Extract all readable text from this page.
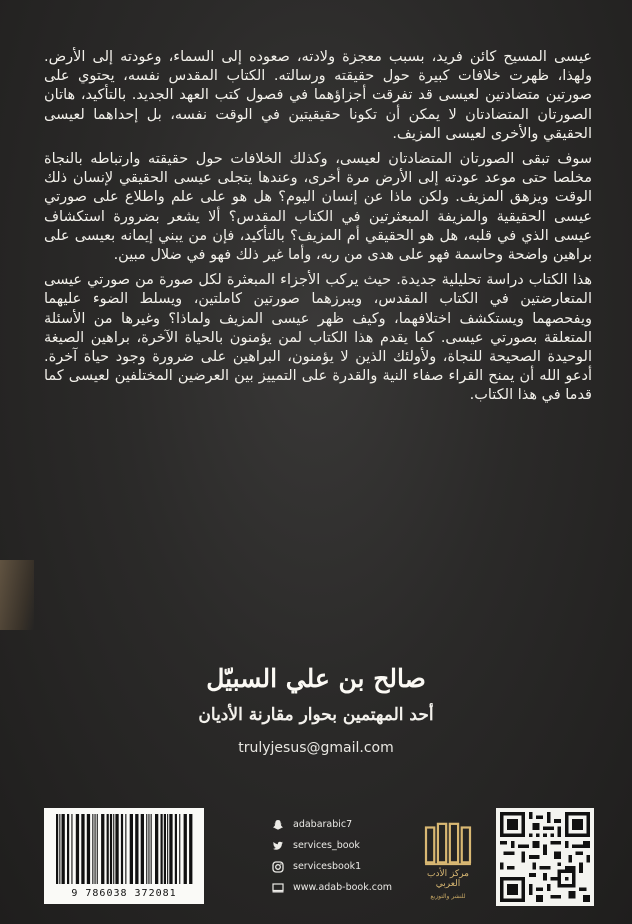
عيسى المسيح كائن فريد، بسبب معجزة ولادته، صعوده إلى السماء، وعودته إلى الأرض. ولهذا، ظهرت خلافات كبيرة حول حقيقته ورسالته. الكتاب المقدس نفسه، يحتوي على صورتين متضادتين لعيسى قد تفرقت أجزاؤهما في فصول كتب العهد الجديد. بالتأكيد، هاتان الصورتان المتضادتان لا يمكن أن تكونا حقيقيتين في الوقت نفسه، بل إحداهما لعيسى الحقيقي والأخرى لعيسى المزيف.

سوف تبقى الصورتان المتضادتان لعيسى، وكذلك الخلافات حول حقيقته وارتباطه بالنجاة مخلصا حتى موعد عودته إلى الأرض مرة أخرى، وعندها يتجلى عيسى الحقيقي لإنسان ذلك الوقت ويزهق المزيف. ولكن ماذا عن إنسان اليوم؟ هل هو على علم واطلاع على صورتي عيسى الحقيقية والمزيفة المبعثرتين في الكتاب المقدس؟ ألا يشعر بضرورة استكشاف عيسى الذي في قلبه، هل هو الحقيقي أم المزيف؟ بالتأكيد، فإن من يبني إيمانه بعيسى على براهين واضحة وحاسمة فهو على هدى من ربه، وأما غير ذلك فهو في ضلال مبين.

هذا الكتاب دراسة تحليلية جديدة. حيث يركب الأجزاء المبعثرة لكل صورة من صورتي عيسى المتعارضتين في الكتاب المقدس، ويبرزهما صورتين كاملتين، ويسلط الضوء عليهما ويفحصهما ويستكشف اختلافهما، وكيف ظهر عيسى المزيف ولماذا؟ وغيرها من الأسئلة المتعلقة بصورتي عيسى. كما يقدم هذا الكتاب لمن يؤمنون بالحياة الآخرة، براهين الصيغة الوحيدة الصحيحة للنجاة، ولأولئك الذين لا يؤمنون، البراهين على ضرورة وجود حياة آخرة. أدعو الله أن يمنح القراء صفاء النية والقدرة على التمييز بين العرضين المختلفين لعيسى كما قدما في هذا الكتاب.

صالح بن علي السبيّل
أحد المهتمين بحوار مقارنة الأديان
trulyjesus@gmail.com
مركز الأدب العربي
للنشر والتوزيع
adabarabic7
services_book
servicesbook1
www.adab-book.com
9 786038 372081
